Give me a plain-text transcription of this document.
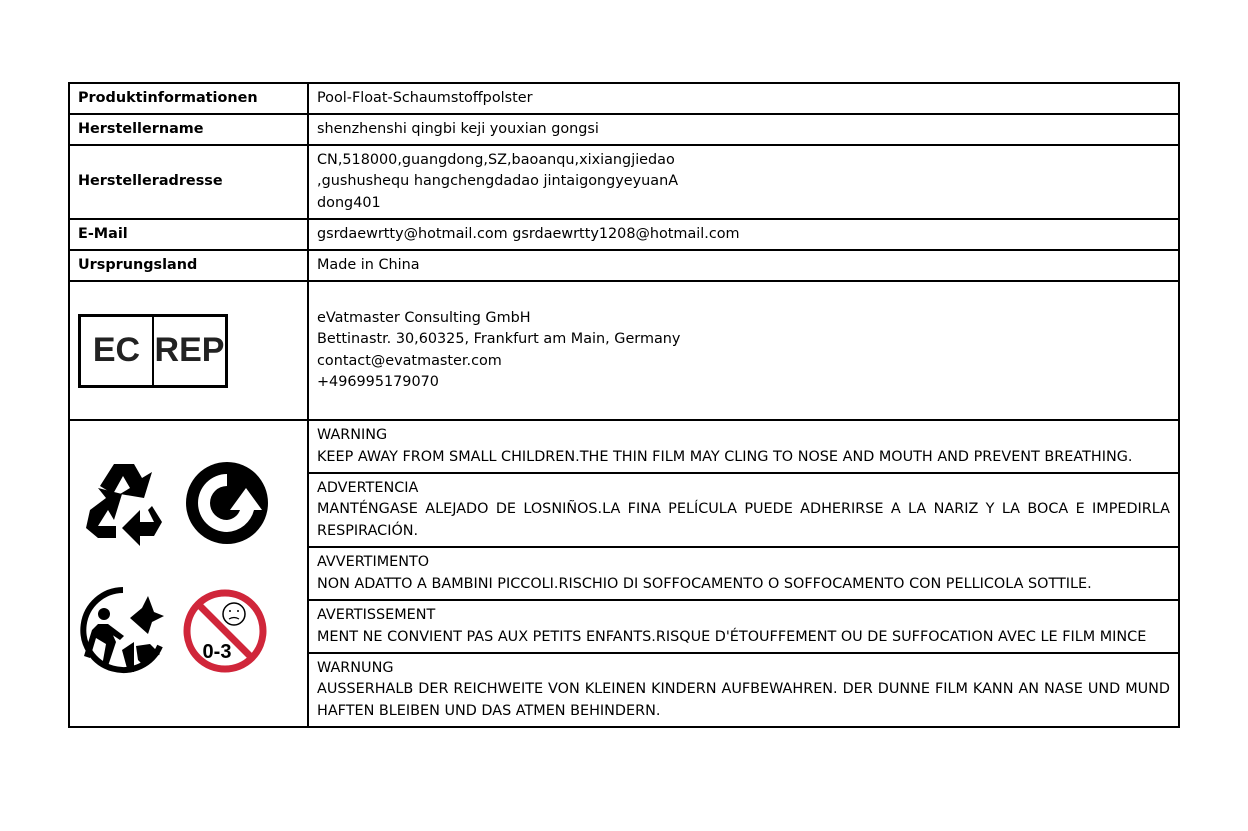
Produktinformationen	Pool-Float-Schaumstoffpolster
Herstellername	shenzhenshi qingbi keji youxian gongsi
Herstelleradresse	CN,518000,guangdong,SZ,baoanqu,xixiangjiedao
,gushushequ hangchengdadao jintaigongyeyuanA
dong401

E-Mail	gsrdaewrtty@hotmail.com gsrdaewrtty1208@hotmail.com
Ursprungsland	Made in China

EC REP	eVatmaster Consulting GmbH
Bettinastr. 30,60325, Frankfurt am Main, Germany
contact@evatmaster.com
+496995179070

0-3	WARNING
KEEP AWAY FROM SMALL CHILDREN.THE THIN FILM MAY CLING TO NOSE AND MOUTH AND PREVENT BREATHING.

	ADVERTENCIA
MANTÉNGASE ALEJADO DE LOSNIÑOS.LA FINA PELÍCULA PUEDE ADHERIRSE A LA NARIZ Y LA BOCA E IMPEDIRLA RESPIRACIÓN.

	AVVERTIMENTO
NON ADATTO A BAMBINI PICCOLI.RISCHIO DI SOFFOCAMENTO O SOFFOCAMENTO CON PELLICOLA SOTTILE.

	AVERTISSEMENT
MENT NE CONVIENT PAS AUX PETITS ENFANTS.RISQUE D'ÉTOUFFEMENT OU DE SUFFOCATION AVEC LE FILM MINCE

	WARNUNG
AUSSERHALB DER REICHWEITE VON KLEINEN KINDERN AUFBEWAHREN. DER DUNNE FILM KANN AN NASE UND MUND HAFTEN BLEIBEN UND DAS ATMEN BEHINDERN.
